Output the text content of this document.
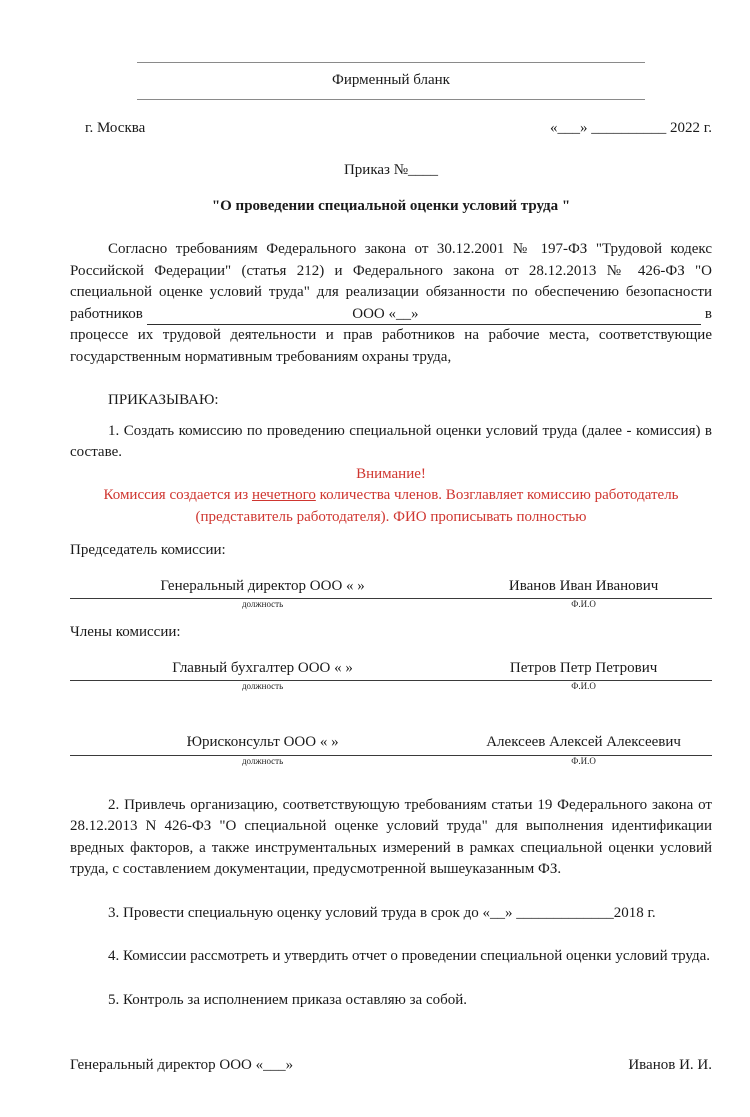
Фирменный бланк
г. Москва	«___» __________ 2022 г.
Приказ №____
"О проведении специальной оценки условий труда "

Согласно требованиям Федерального закона от 30.12.2001 № 197-ФЗ "Трудовой кодекс Российской Федерации" (статья 212) и Федерального закона от 28.12.2013 № 426-ФЗ "О специальной оценке условий труда" для реализации обязанности по обеспечению безопасности

работников	ООО «__»	в

процессе их трудовой деятельности и прав работников на рабочие места, соответствующие государственным нормативным требованиям охраны труда,

ПРИКАЗЫВАЮ:

1. Создать комиссию по проведению специальной оценки условий труда (далее - комиссия) в составе.

Внимание!
Комиссия создается из нечетного количества членов. Возглавляет комиссию работодатель (представитель работодателя). ФИО прописывать полностью
Председатель комиссии:
Генеральный директор ООО « »	Иванов Иван Иванович
должность	Ф.И.О
Члены комиссии:
Главный бухгалтер ООО « »	Петров Петр Петрович
должность	Ф.И.О
Юрисконсульт ООО « »	Алексеев Алексей Алексеевич
должность	Ф.И.О

2. Привлечь организацию, соответствующую требованиям статьи 19 Федерального закона от 28.12.2013 N 426-ФЗ "О специальной оценке условий труда" для выполнения идентификации вредных факторов, а также инструментальных измерений в рамках специальной оценки условий труда, с составлением документации, предусмотренной вышеуказанным ФЗ.

3. Провести специальную оценку условий труда в срок до «__» _____________2018 г.

4. Комиссии рассмотреть и утвердить отчет о проведении специальной оценки условий труда.

5. Контроль за исполнением приказа оставляю за собой.

Генеральный директор ООО «___»	Иванов И. И.
